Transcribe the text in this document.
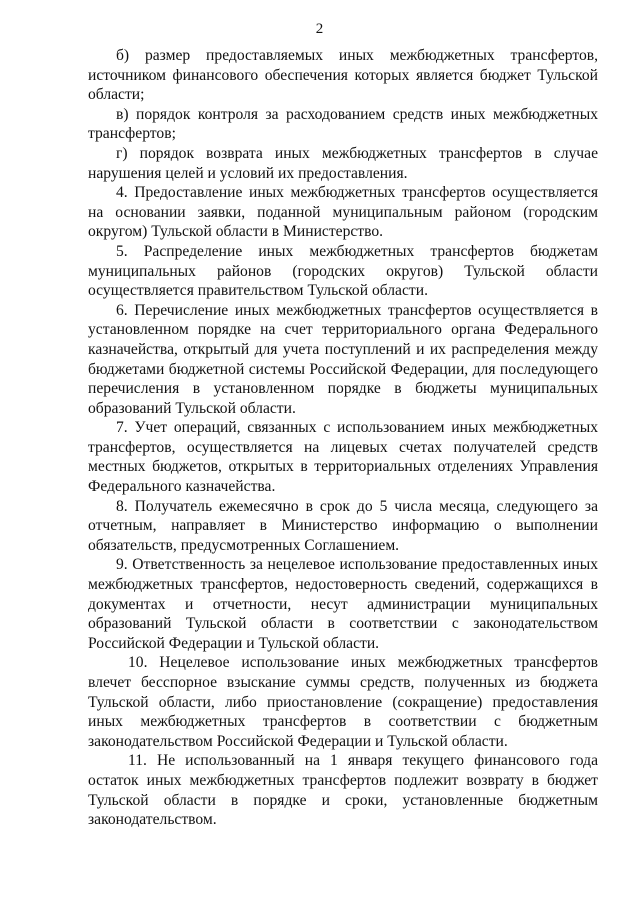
2

б) размер предоставляемых иных межбюджетных трансфертов, источником финансового обеспечения которых является бюджет Тульской области;

в) порядок контроля за расходованием средств иных межбюджетных трансфертов;

г) порядок возврата иных межбюджетных трансфертов в случае нарушения целей и условий их предоставления.

4. Предоставление иных межбюджетных трансфертов осуществляется на основании заявки, поданной муниципальным районом (городским округом) Тульской области в Министерство.

5. Распределение иных межбюджетных трансфертов бюджетам муниципальных районов (городских округов) Тульской области осуществляется правительством Тульской области.

6. Перечисление иных межбюджетных трансфертов осуществляется в установленном порядке на счет территориального органа Федерального казначейства, открытый для учета поступлений и их распределения между бюджетами бюджетной системы Российской Федерации, для последующего перечисления в установленном порядке в бюджеты муниципальных образований Тульской области.

7. Учет операций, связанных с использованием иных межбюджетных трансфертов, осуществляется на лицевых счетах получателей средств местных бюджетов, открытых в территориальных отделениях Управления Федерального казначейства.

8. Получатель ежемесячно в срок до 5 числа месяца, следующего за отчетным, направляет в Министерство информацию о выполнении обязательств, предусмотренных Соглашением.

9. Ответственность за нецелевое использование предоставленных иных межбюджетных трансфертов, недостоверность сведений, содержащихся в документах и отчетности, несут администрации муниципальных образований Тульской области в соответствии с законодательством Российской Федерации и Тульской области.

10. Нецелевое использование иных межбюджетных трансфертов влечет бесспорное взыскание суммы средств, полученных из бюджета Тульской области, либо приостановление (сокращение) предоставления иных межбюджетных трансфертов в соответствии с бюджетным законодательством Российской Федерации и Тульской области.

11. Не использованный на 1 января текущего финансового года остаток иных межбюджетных трансфертов подлежит возврату в бюджет Тульской области в порядке и сроки, установленные бюджетным законодательством.
